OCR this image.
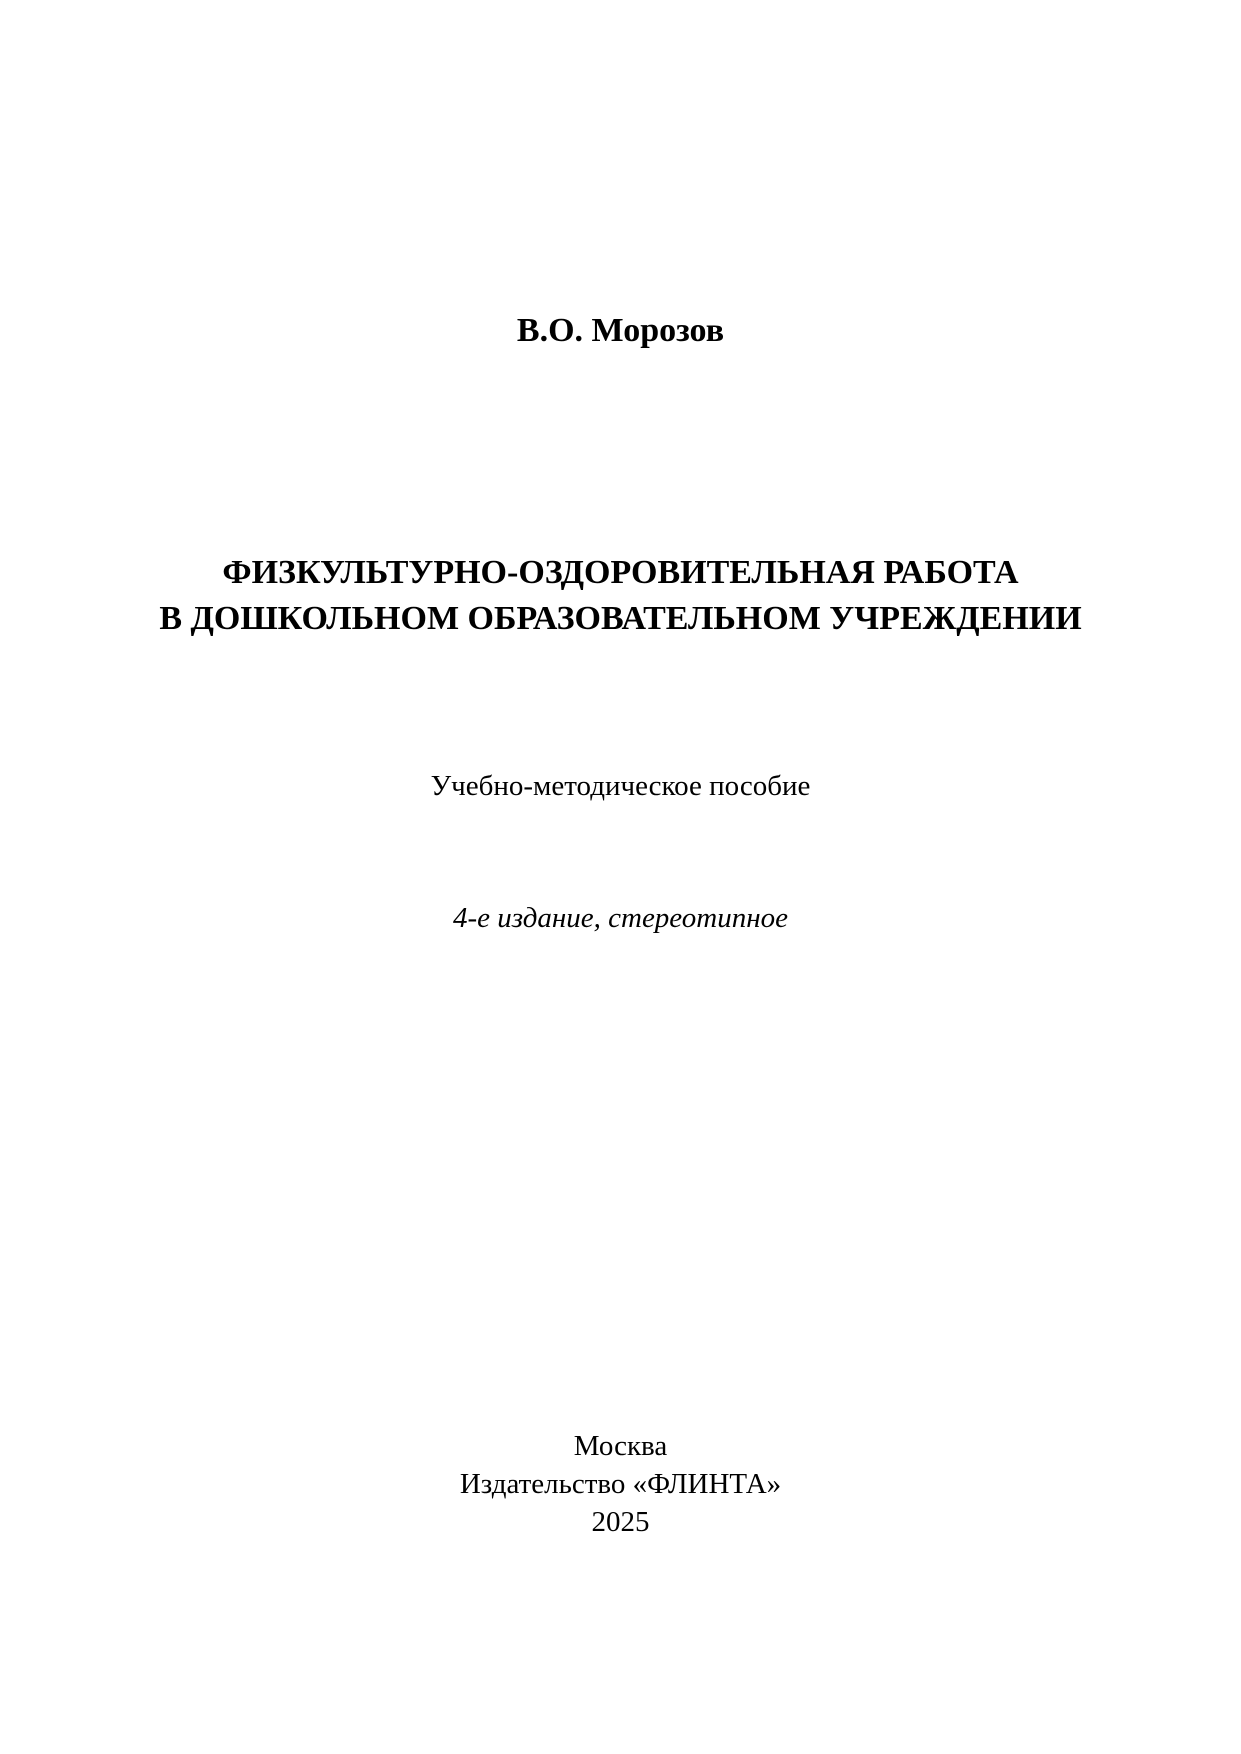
В.О. Морозов
ФИЗКУЛЬТУРНО-ОЗДОРОВИТЕЛЬНАЯ РАБОТА
В ДОШКОЛЬНОМ ОБРАЗОВАТЕЛЬНОМ УЧРЕЖДЕНИИ
Учебно-методическое пособие
4-е издание, стереотипное
Москва
Издательство «ФЛИНТА»
2025
